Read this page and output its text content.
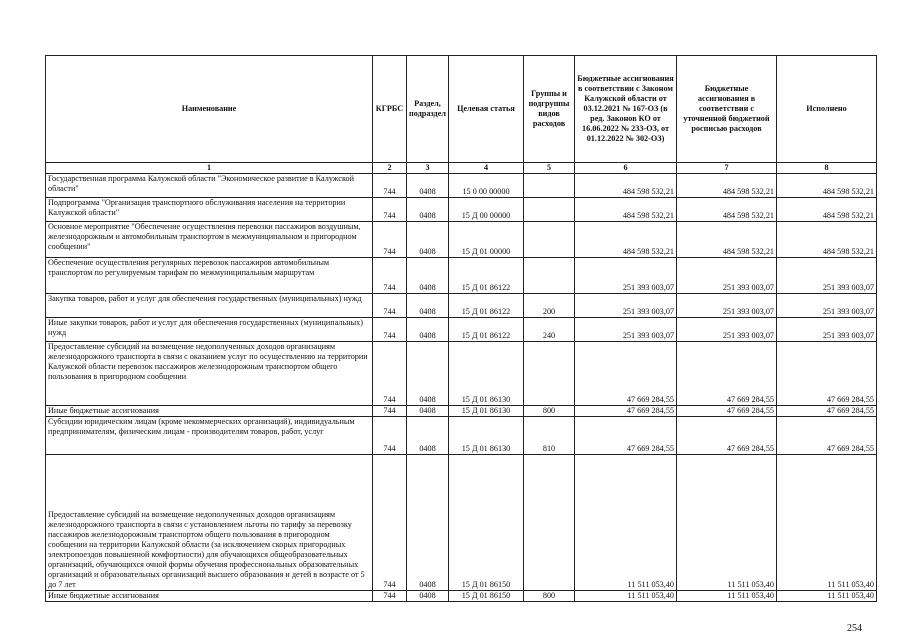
Наименование	КГРБС	Раздел, подраздел	Целевая статья	Группы и подгруппы видов расходов	Бюджетные ассигнования в соответствии с Законом Калужской области от 03.12.2021 № 167-ОЗ (в ред. Законов КО от 16.06.2022 № 233-ОЗ, от 01.12.2022 № 302-ОЗ)	Бюджетные ассигнования в соответствии с уточненной бюджетной росписью расходов	Исполнено
1	2	3	4	5	6	7	8
Государственная программа Калужской области "Экономическое развитие в Калужской области"	744	0408	15 0 00 00000		484 598 532,21	484 598 532,21	484 598 532,21
Подпрограмма "Организация транспортного обслуживания населения на территории Калужской области"	744	0408	15 Д 00 00000		484 598 532,21	484 598 532,21	484 598 532,21
Основное мероприятие "Обеспечение осуществления перевозки пассажиров воздушным, железнодорожным и автомобильным транспортом в межмуниципальном и пригородном сообщении"	744	0408	15 Д 01 00000		484 598 532,21	484 598 532,21	484 598 532,21
Обеспечение осуществления регулярных перевозок пассажиров автомобильным транспортом по регулируемым тарифам по межмуниципальным маршрутам	744	0408	15 Д 01 86122		251 393 003,07	251 393 003,07	251 393 003,07
Закупка товаров, работ и услуг для обеспечения государственных (муниципальных) нужд	744	0408	15 Д 01 86122	200	251 393 003,07	251 393 003,07	251 393 003,07
Иные закупки товаров, работ и услуг для обеспечения государственных (муниципальных) нужд	744	0408	15 Д 01 86122	240	251 393 003,07	251 393 003,07	251 393 003,07
Предоставление субсидий на возмещение недополученных доходов организациям железнодорожного транспорта в связи с оказанием услуг по осуществлению на территории Калужской области перевозок пассажиров железнодорожным транспортом общего пользования в пригородном сообщении	744	0408	15 Д 01 86130		47 669 284,55	47 669 284,55	47 669 284,55
Иные бюджетные ассигнования	744	0408	15 Д 01 86130	800	47 669 284,55	47 669 284,55	47 669 284,55
Субсидии юридическим лицам (кроме некоммерческих организаций), индивидуальным предпринимателям, физическим лицам - производителям товаров, работ, услуг	744	0408	15 Д 01 86130	810	47 669 284,55	47 669 284,55	47 669 284,55
Предоставление субсидий на возмещение недополученных доходов организациям железнодорожного транспорта в связи с установлением льготы по тарифу за перевозку пассажиров железнодорожным транспортом общего пользования в пригородном сообщении на территории Калужской области (за исключением скорых пригородных электропоездов повышенной комфортности) для обучающихся общеобразовательных организаций, обучающихся очной формы обучения профессиональных образовательных организаций и образовательных организаций высшего образования и детей в возрасте от 5 до 7 лет	744	0408	15 Д 01 86150		11 511 053,40	11 511 053,40	11 511 053,40
Иные бюджетные ассигнования	744	0408	15 Д 01 86150	800	11 511 053,40	11 511 053,40	11 511 053,40
254
